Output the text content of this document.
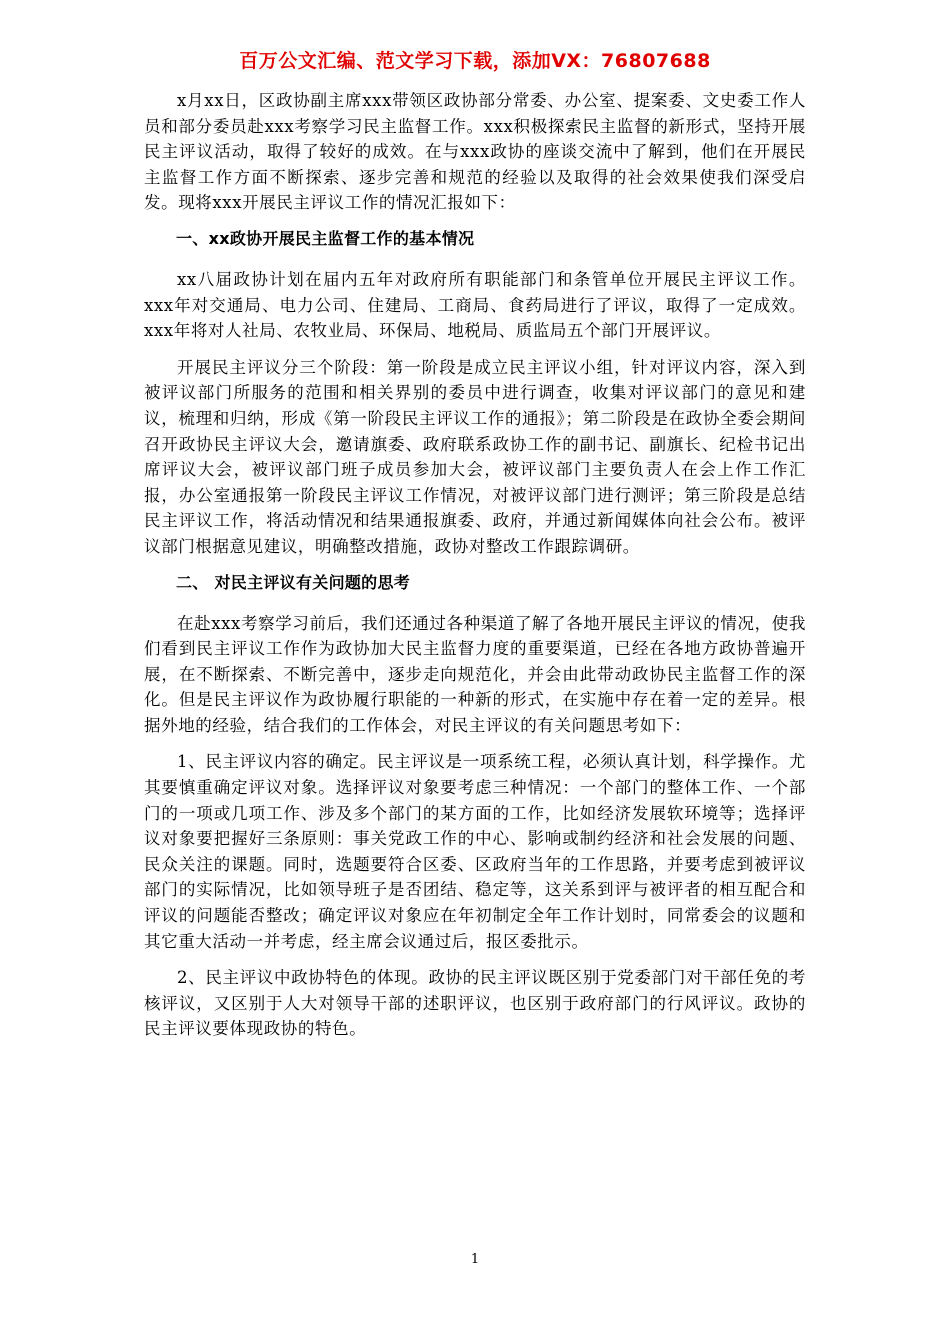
百万公文汇编、范文学习下载，添加VX：76807688

x月xx日，区政协副主席xxx带领区政协部分常委、办公室、提案委、文史委工作人员和部分委员赴xxx考察学习民主监督工作。xxx积极探索民主监督的新形式，坚持开展民主评议活动，取得了较好的成效。在与xxx政协的座谈交流中了解到，他们在开展民主监督工作方面不断探索、逐步完善和规范的经验以及取得的社会效果使我们深受启发。现将xxx开展民主评议工作的情况汇报如下：

一、xx政协开展民主监督工作的基本情况

xx八届政协计划在届内五年对政府所有职能部门和条管单位开展民主评议工作。xxx年对交通局、电力公司、住建局、工商局、食药局进行了评议，取得了一定成效。xxx年将对人社局、农牧业局、环保局、地税局、质监局五个部门开展评议。

开展民主评议分三个阶段：第一阶段是成立民主评议小组，针对评议内容，深入到被评议部门所服务的范围和相关界别的委员中进行调查，收集对评议部门的意见和建议，梳理和归纳，形成《第一阶段民主评议工作的通报》；第二阶段是在政协全委会期间召开政协民主评议大会，邀请旗委、政府联系政协工作的副书记、副旗长、纪检书记出席评议大会，被评议部门班子成员参加大会，被评议部门主要负责人在会上作工作汇报，办公室通报第一阶段民主评议工作情况，对被评议部门进行测评；第三阶段是总结民主评议工作，将活动情况和结果通报旗委、政府，并通过新闻媒体向社会公布。被评议部门根据意见建议，明确整改措施，政协对整改工作跟踪调研。

二、 对民主评议有关问题的思考

在赴xxx考察学习前后，我们还通过各种渠道了解了各地开展民主评议的情况，使我们看到民主评议工作作为政协加大民主监督力度的重要渠道，已经在各地方政协普遍开展，在不断探索、不断完善中，逐步走向规范化，并会由此带动政协民主监督工作的深化。但是民主评议作为政协履行职能的一种新的形式，在实施中存在着一定的差异。根据外地的经验，结合我们的工作体会，对民主评议的有关问题思考如下：

1、民主评议内容的确定。民主评议是一项系统工程，必须认真计划，科学操作。尤其要慎重确定评议对象。选择评议对象要考虑三种情况：一个部门的整体工作、一个部门的一项或几项工作、涉及多个部门的某方面的工作，比如经济发展软环境等；选择评议对象要把握好三条原则：事关党政工作的中心、影响或制约经济和社会发展的问题、民众关注的课题。同时，选题要符合区委、区政府当年的工作思路，并要考虑到被评议部门的实际情况，比如领导班子是否团结、稳定等，这关系到评与被评者的相互配合和评议的问题能否整改；确定评议对象应在年初制定全年工作计划时，同常委会的议题和其它重大活动一并考虑，经主席会议通过后，报区委批示。

2、民主评议中政协特色的体现。政协的民主评议既区别于党委部门对干部任免的考核评议，又区别于人大对领导干部的述职评议，也区别于政府部门的行风评议。政协的民主评议要体现政协的特色。

1
